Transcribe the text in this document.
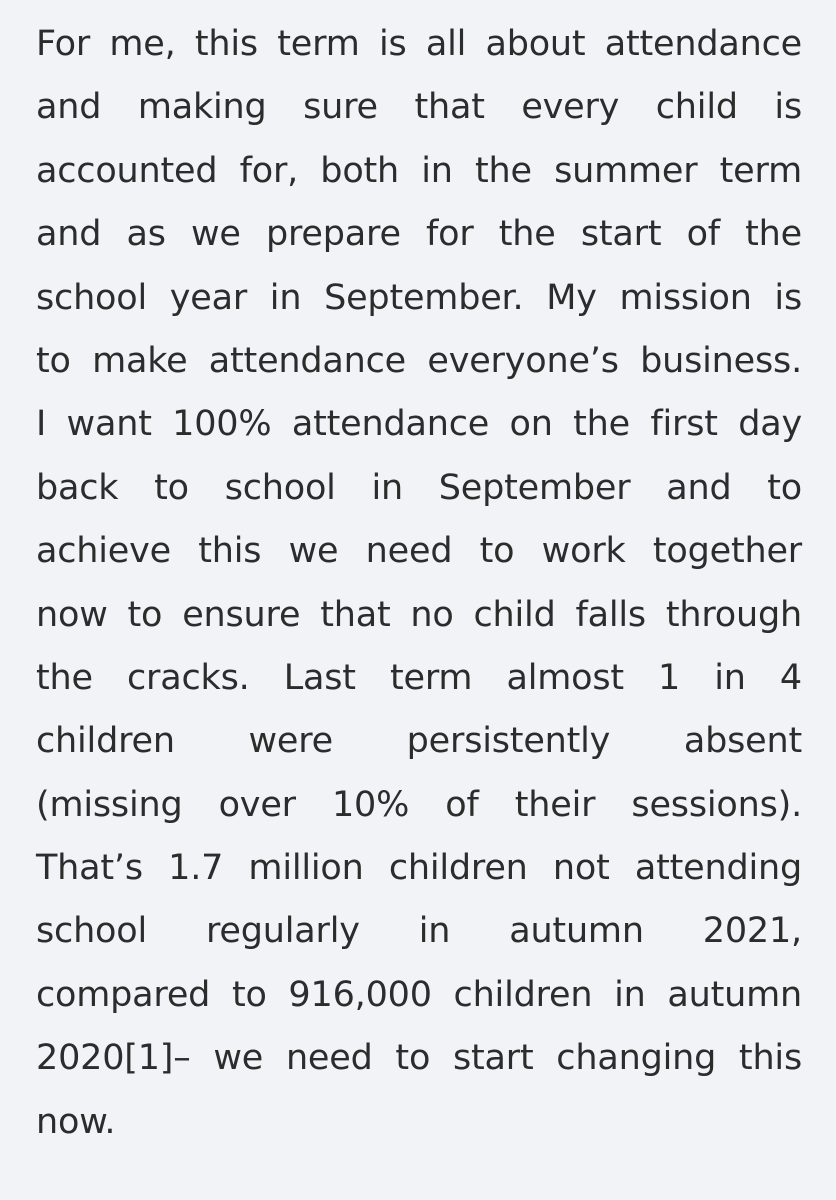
For me, this term is all about attendance
and making sure that every child is
accounted for, both in the summer term
and as we prepare for the start of the
school year in September. My mission is
to make attendance everyone’s business.
I want 100% attendance on the first day
back to school in September and to
achieve this we need to work together
now to ensure that no child falls through
the cracks. Last term almost 1 in 4
children were persistently absent
(missing over 10% of their sessions).
That’s 1.7 million children not attending
school regularly in autumn 2021,
compared to 916,000 children in autumn
2020[1]– we need to start changing this
now.
